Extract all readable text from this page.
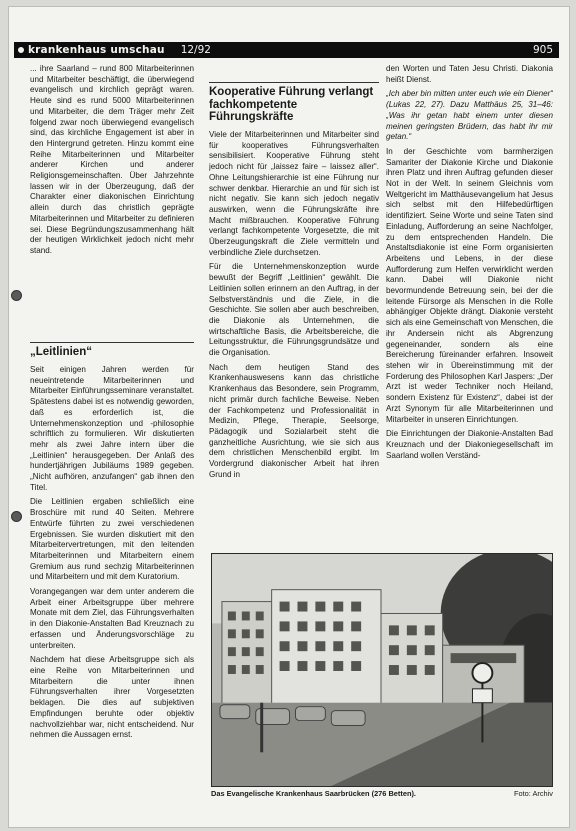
krankenhaus umschau 12/92	905

... ihre Saarland – rund 800 Mitarbeiterinnen und Mitarbeiter beschäftigt, die überwiegend evangelisch und kirchlich geprägt waren. Heute sind es rund 5000 Mitarbeiterinnen und Mitarbeiter, die dem Träger mehr Zeit folgend zwar noch überwiegend evangelisch sind, das kirchliche Engagement ist aber in den Hintergrund getreten. Hinzu kommt eine Reihe Mitarbeiterinnen und Mitarbeiter anderer Kirchen und anderer Religionsgemeinschaften. Über Jahrzehnte lassen wir in der Überzeugung, daß der Charakter einer diakonischen Einrichtung allein durch das christlich geprägte Mitarbeiterinnen und Mitarbeiter zu definieren sei. Diese Begründungszusammenhang hält der heutigen Wirklichkeit jedoch nicht mehr stand.

„Leitlinien“

Seit einigen Jahren werden für neueintretende Mitarbeiterinnen und Mitarbeiter Einführungsseminare veranstaltet. Spätestens dabei ist es notwendig geworden, daß es erforderlich ist, die Unternehmenskonzeption und -philosophie schriftlich zu formulieren. Wir diskutierten mehr als zwei Jahre intern über die „Leitlinien“ herausgegeben. Der Anlaß des hundertjährigen Jubiläums 1989 gegeben. „Nicht aufhören, anzufangen“ gab ihnen den Titel.

Die Leitlinien ergaben schließlich eine Broschüre mit rund 40 Seiten. Mehrere Entwürfe führten zu zwei verschiedenen Ergebnissen. Sie wurden diskutiert mit den Mitarbeitervertretungen, mit den leitenden Mitarbeiterinnen und Mitarbeitern einem Gremium aus rund sechzig Mitarbeiterinnen und Mitarbeitern und mit dem Kuratorium.

Vorangegangen war dem unter anderem die Arbeit einer Arbeitsgruppe über mehrere Monate mit dem Ziel, das Führungsverhalten in den Diakonie-Anstalten Bad Kreuznach zu erfassen und Änderungsvorschläge zu unterbreiten.

Nachdem hat diese Arbeitsgruppe sich als eine Reihe von Mitarbeiterinnen und Mitarbeitern die unter ihnen Führungsverhalten ihrer Vorgesetzten beklagen. Die dies auf subjektiven Empfindungen beruhte oder objektiv nachvollziehbar war, nicht entscheidend. Nur nehmen die Aussagen ernst.

Kooperative Führung verlangt fachkompetente Führungskräfte

Viele der Mitarbeiterinnen und Mitarbeiter sind für kooperatives Führungsverhalten sensibilisiert. Kooperative Führung steht jedoch nicht für „laissez faire – laissez aller“. Ohne Leitungshierarchie ist eine Führung nur schwer denkbar. Hierarchie an und für sich ist nicht negativ. Sie kann sich jedoch negativ auswirken, wenn die Führungskräfte ihre Macht mißbrauchen. Kooperative Führung verlangt fachkompetente Vorgesetzte, die mit Überzeugungskraft die Ziele vermitteln und verbindliche Ziele durchsetzen.

Für die Unternehmenskonzeption wurde bewußt der Begriff „Leitlinien“ gewählt. Die Leitlinien sollen erinnern an den Auftrag, in der Selbstverständnis und die Ziele, in die Geschichte. Sie sollen aber auch beschreiben, die Diakonie als Unternehmen, die wirtschaftliche Basis, die Arbeitsbereiche, die Leitungsstruktur, die Führungsgrundsätze und die Organisation.

Nach dem heutigen Stand des Krankenhauswesens kann das christliche Krankenhaus das Besondere, sein Programm, nicht primär durch fachliche Beweise. Neben der Fachkompetenz und Professionalität in Medizin, Pflege, Therapie, Seelsorge, Pädagogik und Sozialarbeit steht die ganzheitliche Ausrichtung, wie sie sich aus dem christlichen Menschenbild ergibt. Im Vordergrund diakonischer Arbeit hat ihren Grund in

den Worten und Taten Jesu Christi. Diakonia heißt Dienst.

„Ich aber bin mitten unter euch wie ein Diener“ (Lukas 22, 27). Dazu Matthäus 25, 31–46: „Was ihr getan habt einem unter diesen meinen geringsten Brüdern, das habt ihr mir getan.“

In der Geschichte vom barmherzigen Samariter der Diakonie Kirche und Diakonie ihren Platz und ihren Auftrag gefunden dieser Not in der Welt. In seinem Gleichnis vom Weltgericht im Matthäusevangelium hat Jesus sich selbst mit den Hilfebedürftigen identifiziert. Seine Worte und seine Taten sind Einladung, Aufforderung an seine Nachfolger, zu dem entsprechenden Handeln. Die Anstaltsdiakonie ist eine Form organisierten Arbeitens und Lebens, in der diese Aufforderung zum Helfen verwirklicht werden kann. Dabei will Diakonie nicht bevormundende Betreuung sein, bei der die leitende Fürsorge als Menschen in die Rolle abhängiger Objekte drängt. Diakonie versteht sich als eine Gemeinschaft von Menschen, die ihr Andersein nicht als Abgrenzung gegeneinander, sondern als eine Bereicherung füreinander erfahren. Insoweit stehen wir in Übereinstimmung mit der Forderung des Philosophen Karl Jaspers: „Der Arzt ist weder Techniker noch Heiland, sondern Existenz für Existenz“, dabei ist der Arzt Synonym für alle Mitarbeiterinnen und Mitarbeiter in unseren Einrichtungen.

Die Einrichtungen der Diakonie-Anstalten Bad Kreuznach und der Diakoniegesellschaft im Saarland wollen Verständ-

Das Evangelische Krankenhaus Saarbrücken (276 Betten).	Foto: Archiv
